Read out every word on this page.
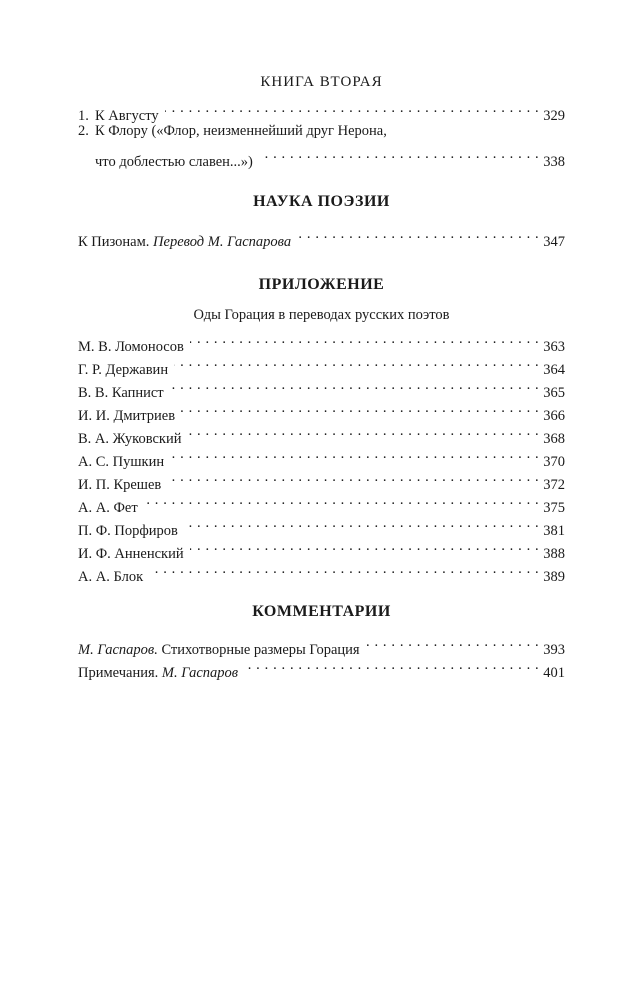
КНИГА ВТОРАЯ

1. К Августу . . .	329
2. К Флору («Флор, неизменнейший друг Нерона,
что доблестью славен...») . . .	338

НАУКА ПОЭЗИИ

К Пизонам. Перевод М. Гаспарова . . .	347

ПРИЛОЖЕНИЕ

Оды Горация в переводах русских поэтов

М. В. Ломоносов . . .	363
Г. Р. Державин . . .	364
В. В. Капнист . . .	365
И. И. Дмитриев . . .	366
В. А. Жуковский . . .	368
А. С. Пушкин . . .	370
И. П. Крешев . . .	372
А. А. Фет . . .	375
П. Ф. Порфиров . . .	381
И. Ф. Анненский . . .	388
А. А. Блок . . .	389

КОММЕНТАРИИ

М. Гаспаров. Стихотворные размеры Горация . . .	393
Примечания. М. Гаспаров . . .	401
